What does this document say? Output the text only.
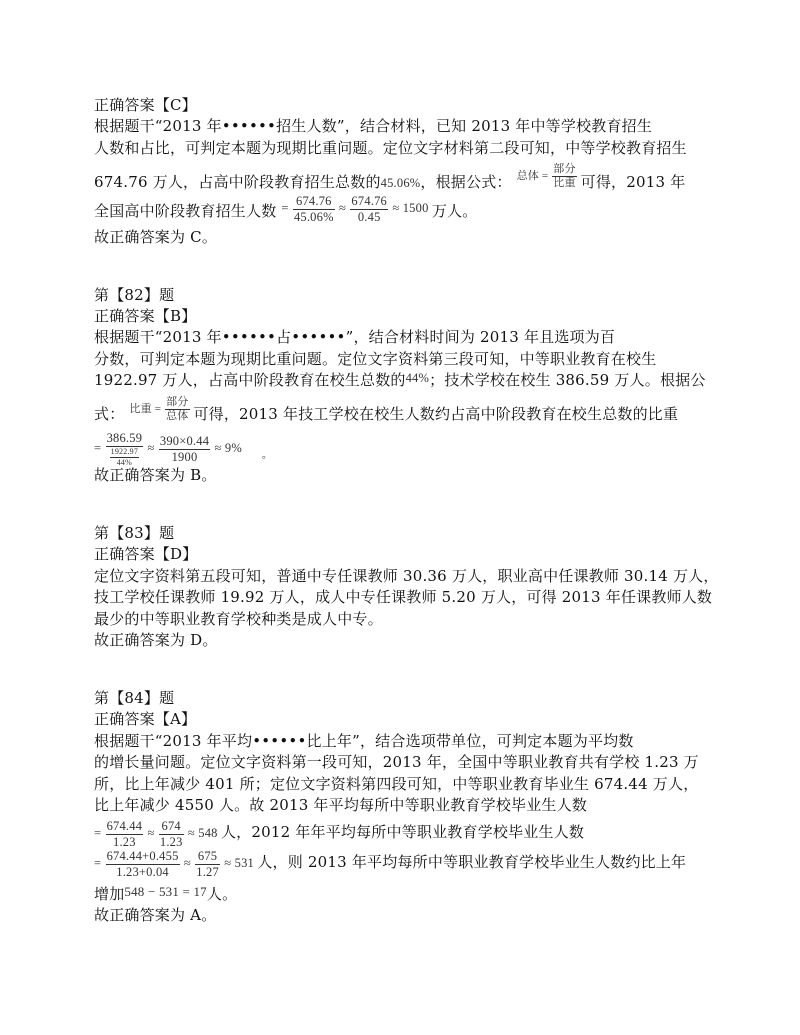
正确答案【C】
根据题干“2013 年••••••招生人数”，结合材料，已知 2013 年中等学校教育招生
人数和占比，可判定本题为现期比重问题。定位文字材料第二段可知，中等学校教育招生
674.76 万人，占高中阶段教育招生总数的45.06%，根据公式： $^{总体 = \frac{\text{部分}}{\text{比重}}}$ 可得，2013 年
全国高中阶段教育招生人数 $^{= \frac{674.76}{45.06\%} \approx \frac{674.76}{0.45} \approx 1500}$ 万人。
故正确答案为 C。
第【82】题
正确答案【B】
根据题干“2013 年••••••占••••••”，结合材料时间为 2013 年且选项为百
分数，可判定本题为现期比重问题。定位文字资料第三段可知，中等职业教育在校生
1922.97 万人，占高中阶段教育在校生总数的$^{44\%}$；技术学校在校生 386.59 万人。根据公
式： $^{比重 = \frac{\text{部分}}{\text{总体}}}$ 可得，2013 年技工学校在校生人数约占高中阶段教育在校生总数的比重
= $\frac{386.59}{\frac{1922.97}{44\%}} \approx \frac{390\times 0.44}{1900} \approx 9\%$
。
故正确答案为 B。
第【83】题
正确答案【D】
定位文字资料第五段可知，普通中专任课教师 30.36 万人，职业高中任课教师 30.14 万人，
技工学校任课教师 19.92 万人，成人中专任课教师 5.20 万人，可得 2013 年任课教师人数
最少的中等职业教育学校种类是成人中专。
故正确答案为 D。
第【84】题
正确答案【A】
根据题干“2013 年平均••••••比上年”，结合选项带单位，可判定本题为平均数
的增长量问题。定位文字资料第一段可知，2013 年，全国中等职业教育共有学校 1.23 万
所，比上年减少 401 所；定位文字资料第四段可知，中等职业教育毕业生 674.44 万人，
比上年减少 4550 人。故 2013 年平均每所中等职业教育学校毕业生人数
= $\frac{674.44}{1.23} \approx \frac{674}{1.23} \approx 548$ 人，2012 年年平均每所中等职业教育学校毕业生人数
= $\frac{674.44+0.455}{1.23+0.04} \approx \frac{675}{1.27} \approx 531$ 人，则 2013 年平均每所中等职业教育学校毕业生人数约比上年
增加548 − 531 = 17人。
故正确答案为 A。
